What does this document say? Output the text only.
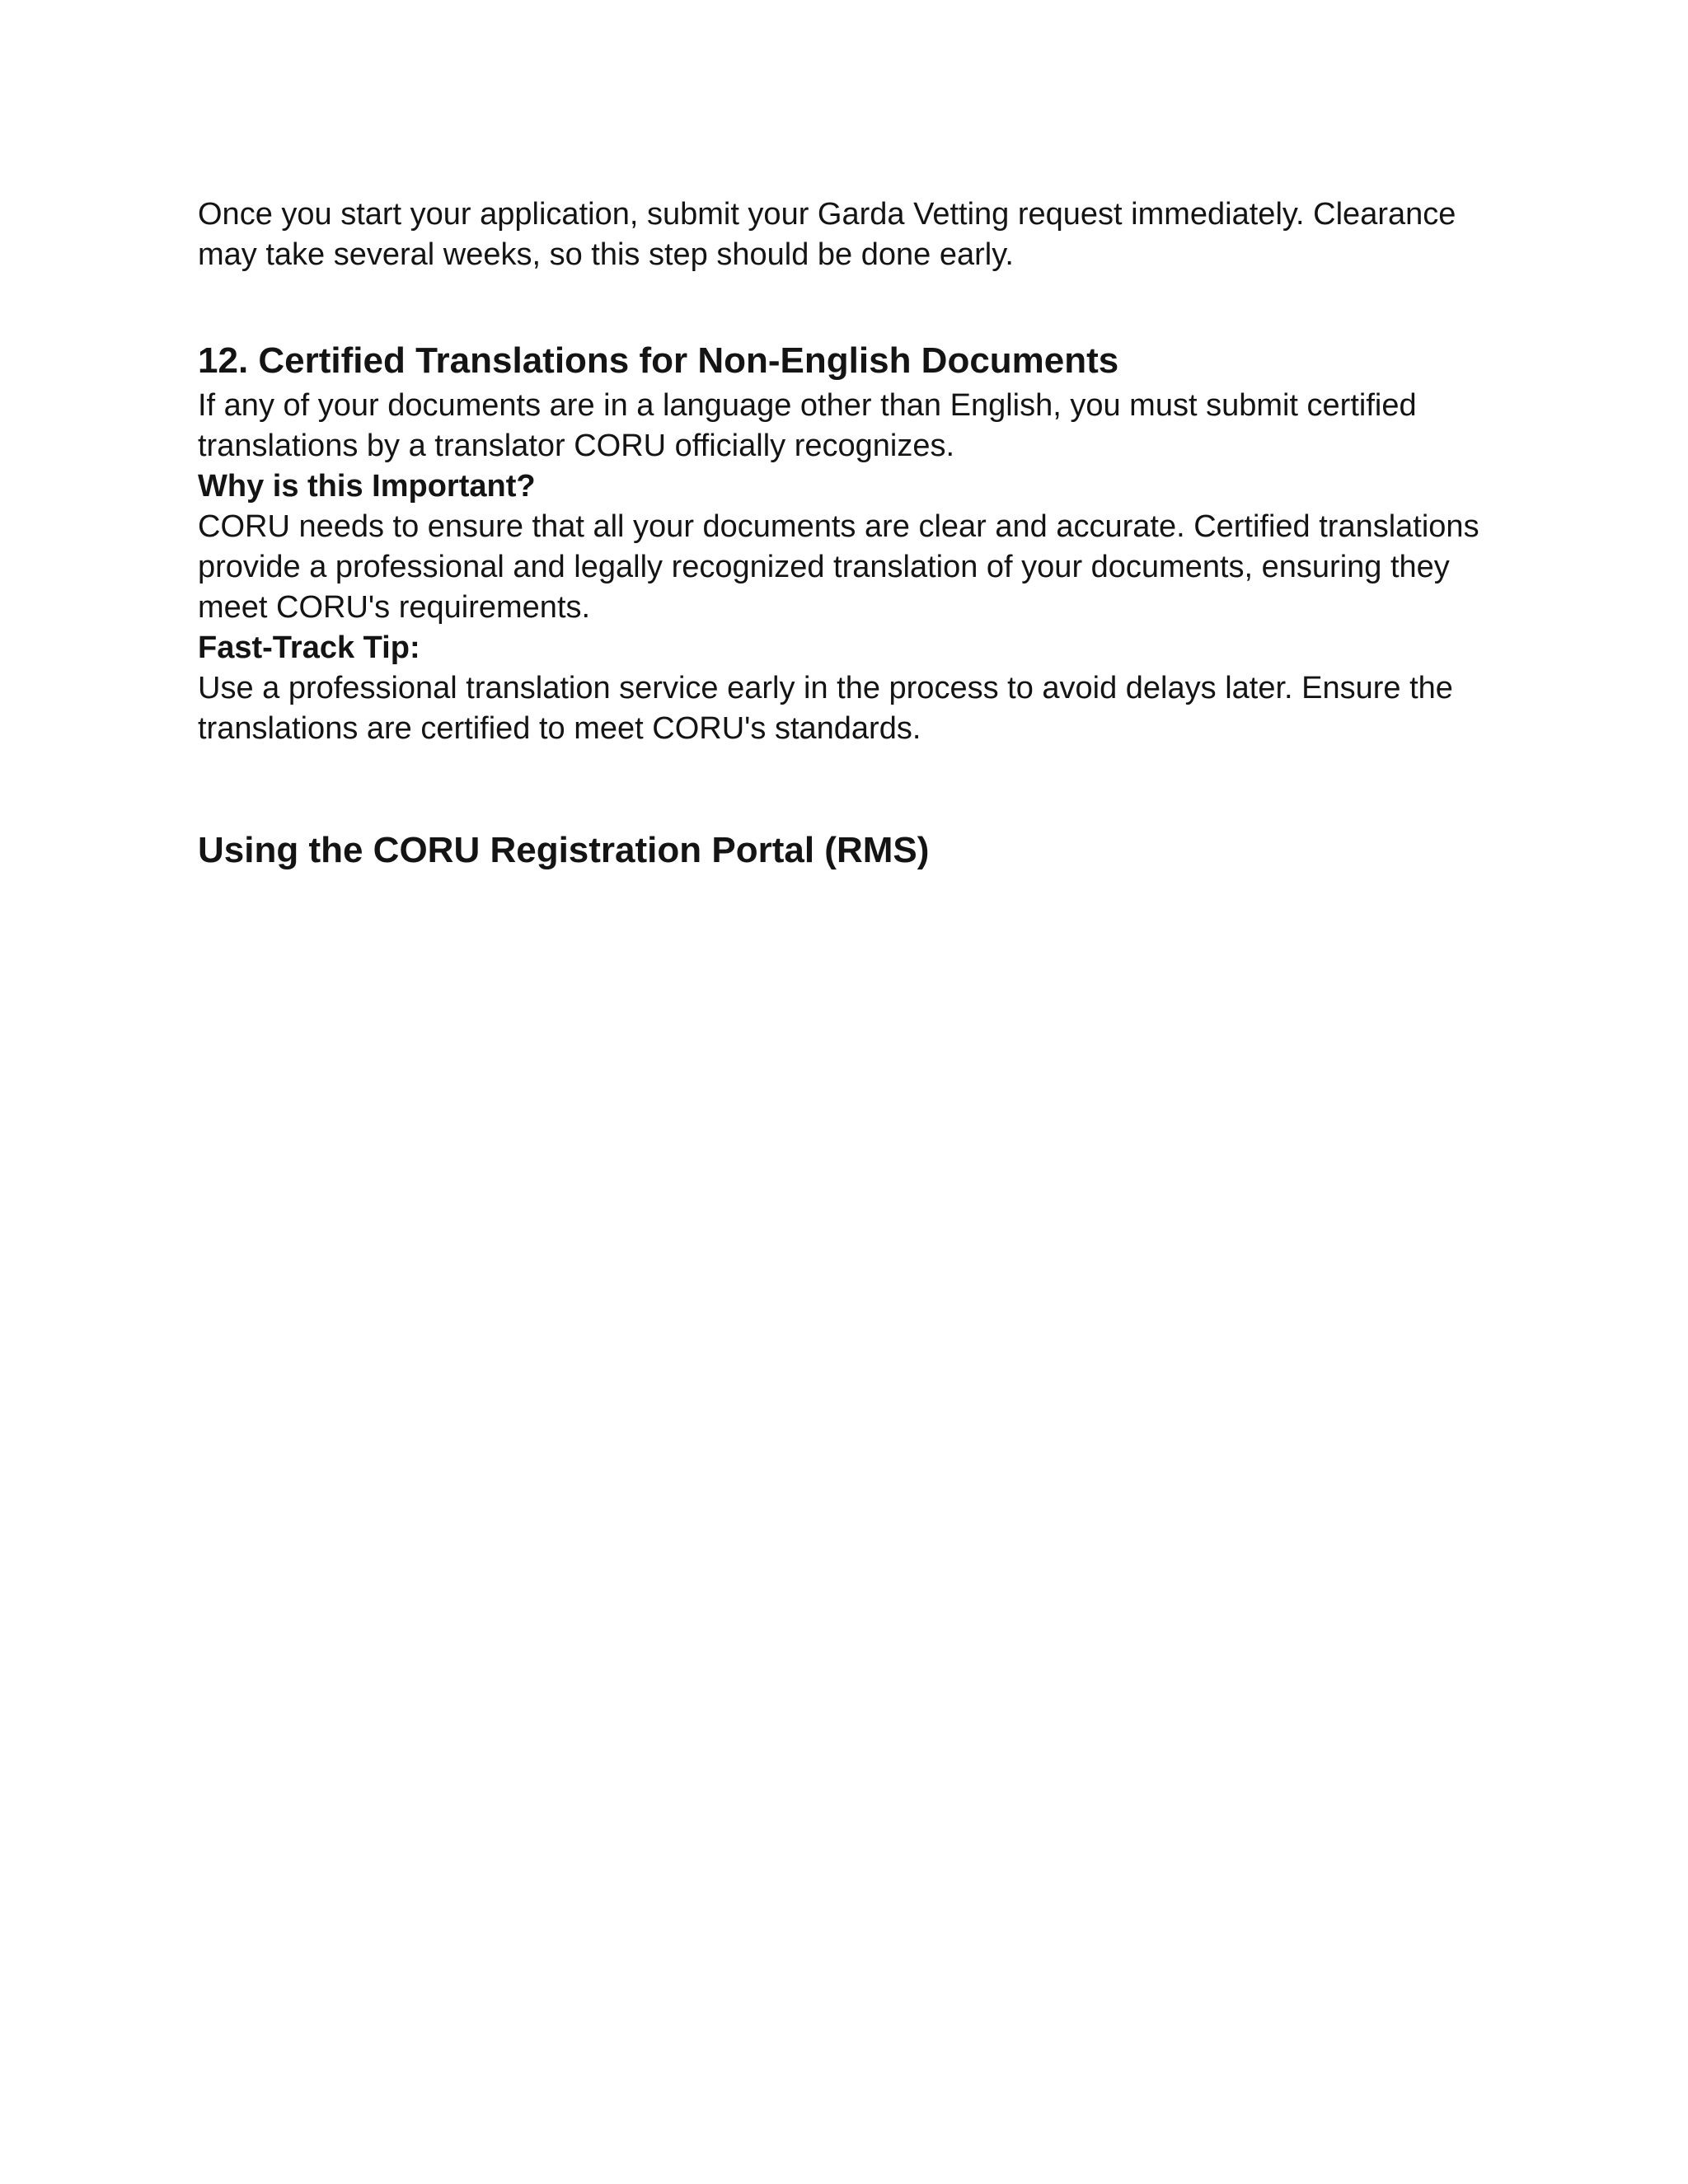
Once you start your application, submit your Garda Vetting request immediately. Clearance may take several weeks, so this step should be done early.

12. Certified Translations for Non-English Documents

If any of your documents are in a language other than English, you must submit certified translations by a translator CORU officially recognizes.

Why is this Important?

CORU needs to ensure that all your documents are clear and accurate. Certified translations provide a professional and legally recognized translation of your documents, ensuring they meet CORU's requirements.

Fast-Track Tip:

Use a professional translation service early in the process to avoid delays later. Ensure the translations are certified to meet CORU's standards.

Using the CORU Registration Portal (RMS)
